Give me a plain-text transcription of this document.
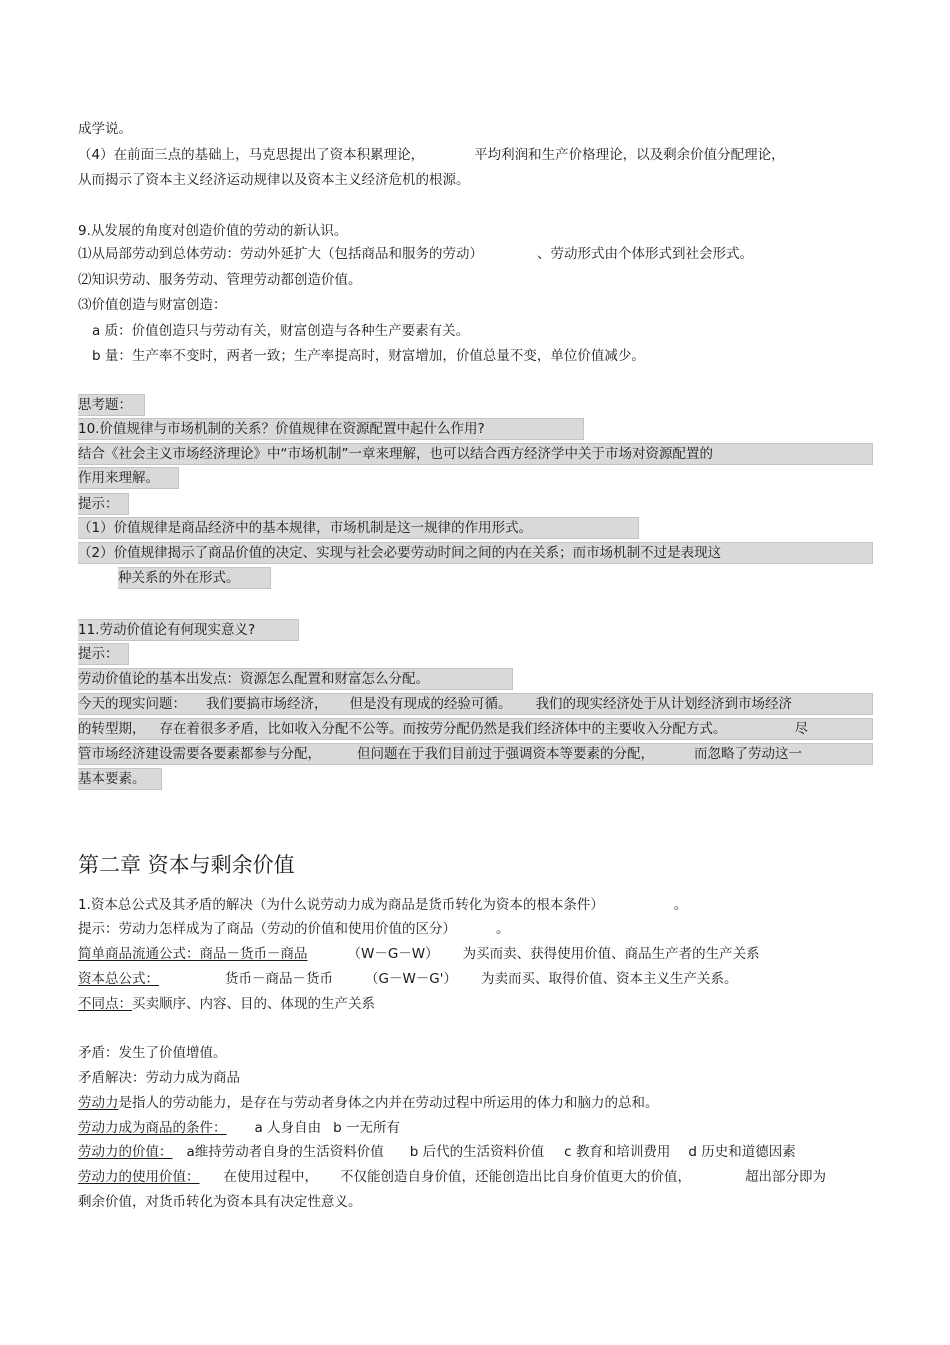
成学说。
（4）在前面三点的基础上，马克思提出了资本积累理论，	平均利润和生产价格理论，以及剩余价值分配理论，
从而揭示了资本主义经济运动规律以及资本主义经济危机的根源。
9.从发展的角度对创造价值的劳动的新认识。
⑴从局部劳动到总体劳动：劳动外延扩大（包括商品和服务的劳动）	、劳动形式由个体形式到社会形式。
⑵知识劳动、服务劳动、管理劳动都创造价值。
⑶价值创造与财富创造：
a 质：价值创造只与劳动有关，财富创造与各种生产要素有关。
b 量：生产率不变时，两者一致；生产率提高时，财富增加，价值总量不变，单位价值减少。
思考题：
10.价值规律与市场机制的关系？价值规律在资源配置中起什么作用?
结合《社会主义市场经济理论》中“市场机制”一章来理解，也可以结合西方经济学中关于市场对资源配置的
作用来理解。
提示：
（1）价值规律是商品经济中的基本规律，市场机制是这一规律的作用形式。
（2）价值规律揭示了商品价值的决定、实现与社会必要劳动时间之间的内在关系；而市场机制不过是表现这
种关系的外在形式。
11.劳动价值论有何现实意义?
提示：
劳动价值论的基本出发点：资源怎么配置和财富怎么分配。
今天的现实问题： 我们要搞市场经济， 但是没有现成的经验可循。 我们的现实经济处于从计划经济到市场经济
的转型期， 存在着很多矛盾，比如收入分配不公等。而按劳分配仍然是我们经济体中的主要收入分配方式。	尽
管市场经济建设需要各要素都参与分配，	但问题在于我们目前过于强调资本等要素的分配，	而忽略了劳动这一
基本要素。
第二章 资本与剩余价值
1.资本总公式及其矛盾的解决（为什么说劳动力成为商品是货币转化为资本的根本条件）	。
提示：劳动力怎样成为了商品（劳动的价值和使用价值的区分）	。
简单商品流通公式：商品－货币－商品	（W－G－W） 为买而卖、获得使用价值、商品生产者的生产关系
资本总公式：	货币－商品－货币 （G－W－G'） 为卖而买、取得价值、资本主义生产关系。
不同点：买卖顺序、内容、目的、体现的生产关系
矛盾：发生了价值增值。
矛盾解决：劳动力成为商品
劳动力是指人的劳动能力，是存在与劳动者身体之内并在劳动过程中所运用的体力和脑力的总和。
劳动力成为商品的条件： a 人身自由 b 一无所有
劳动力的价值： a维持劳动者自身的生活资料价值 b 后代的生活资料价值 c 教育和培训费用 d 历史和道德因素
劳动力的使用价值： 在使用过程中， 不仅能创造自身价值，还能创造出比自身价值更大的价值，	超出部分即为
剩余价值，对货币转化为资本具有决定性意义。
